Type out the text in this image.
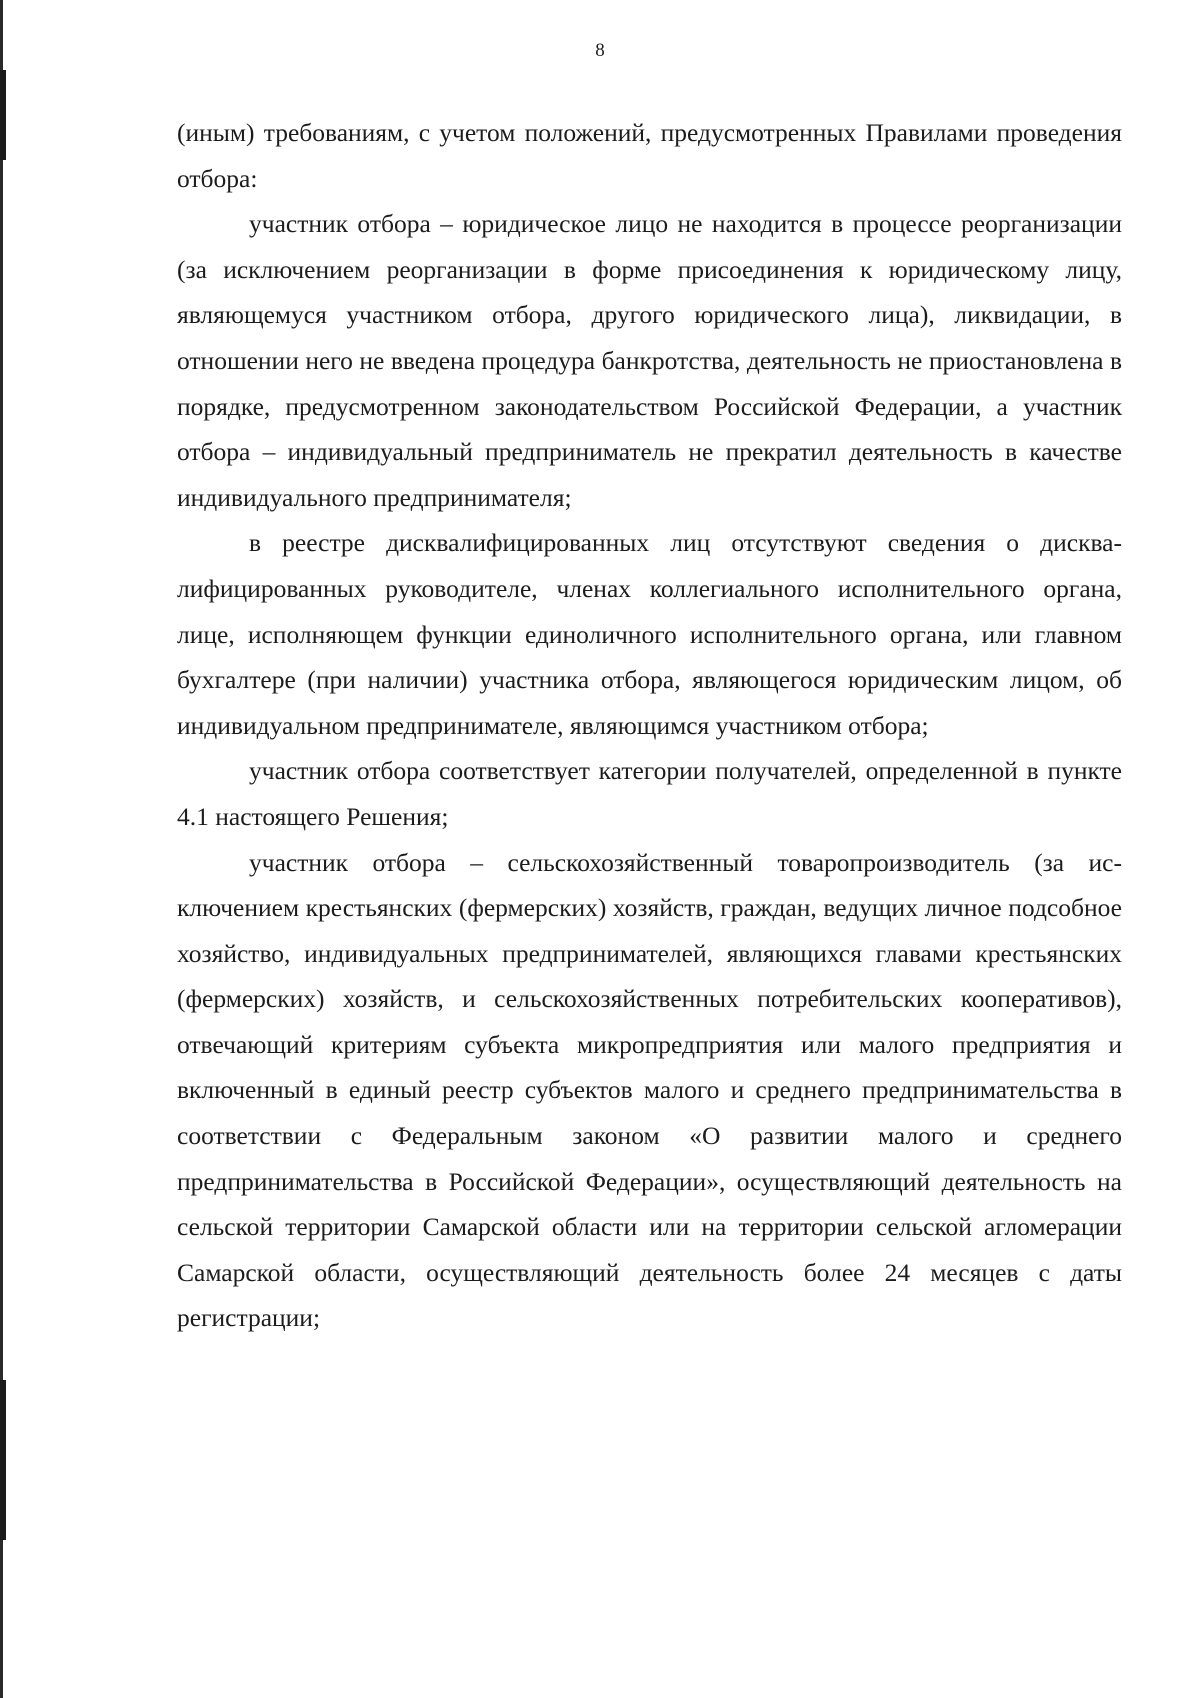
8

(иным) требованиям, с учетом положений, предусмотренных Правилами проведения отбора:

участник отбора – юридическое лицо не находится в процессе реорганизации (за исключением реорганизации в форме присоединения к юридическому лицу, являющемуся участником отбора, другого юридического лица), ликвидации, в отношении него не введена процедура банкротства, деятельность не приостановлена в порядке, предусмотренном законодательством Российской Федерации, а участник отбора – индивидуальный предприниматель не прекратил деятельность в качестве индивидуального предпринимателя;

в реестре дисквалифицированных лиц отсутствуют сведения о дисквалифицированных руководителе, членах коллегиального исполнительного органа, лице, исполняющем функции единоличного исполнительного органа, или главном бухгалтере (при наличии) участника отбора, являющегося юридическим лицом, об индивидуальном предпринимателе, являющимся участником отбора;

участник отбора соответствует категории получателей, определенной в пункте 4.1 настоящего Решения;

участник отбора – сельскохозяйственный товаропроизводитель (за исключением крестьянских (фермерских) хозяйств, граждан, ведущих личное подсобное хозяйство, индивидуальных предпринимателей, являющихся главами крестьянских (фермерских) хозяйств, и сельскохозяйственных потребительских кооперативов), отвечающий критериям субъекта микропредприятия или малого предприятия и включенный в единый реестр субъектов малого и среднего предпринимательства в соответствии с Федеральным законом «О развитии малого и среднего предпринимательства в Российской Федерации», осуществляющий деятельность на сельской территории Самарской области или на территории сельской агломерации Самарской области, осуществляющий деятельность более 24 месяцев с даты регистрации;
